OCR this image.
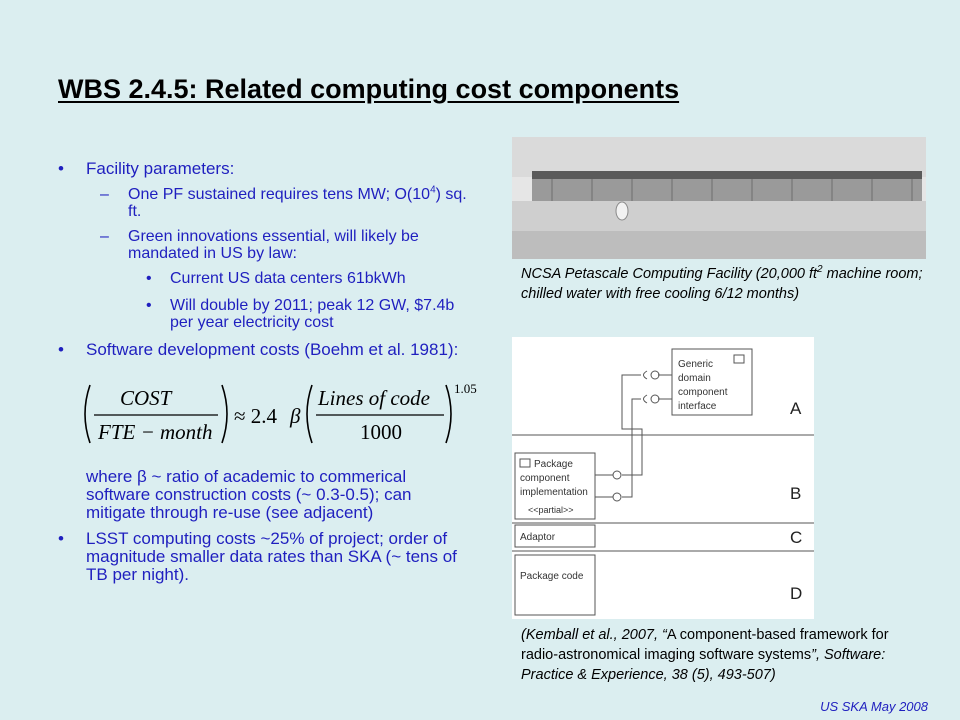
WBS 2.4.5: Related computing cost components
• Facility parameters:
– One PF sustained requires tens MW; $O(10^4)$ sq. ft.
– Green innovations essential, will likely be mandated in US by law:
• Current US data centers 61bkWh
• Will double by 2011; peak 12 GW, $7.4b per year electricity cost
• Software development costs (Boehm et al. 1981):
COST
FTE − month
≈ 2.4 β
Lines of code
1000
1.05

where β ~ ratio of academic to commerical software construction costs (~ 0.3-0.5); can mitigate through re-use (see adjacent)

• LSST computing costs ~25% of project; order of magnitude smaller data rates than SKA (~ tens of TB per night).
NCSA Petascale Computing Facility (20,000 $ft^2$ machine room; chilled water with free cooling 6/12 months)
Generic
domain
component
interface
Package
component
implementation
<<partial>>
Adaptor
Package code
A
B
C
D
(Kemball et al., 2007, “A component-based framework for radio-astronomical imaging software systems”, Software: Practice & Experience, 38 (5), 493-507)
US SKA May 2008
